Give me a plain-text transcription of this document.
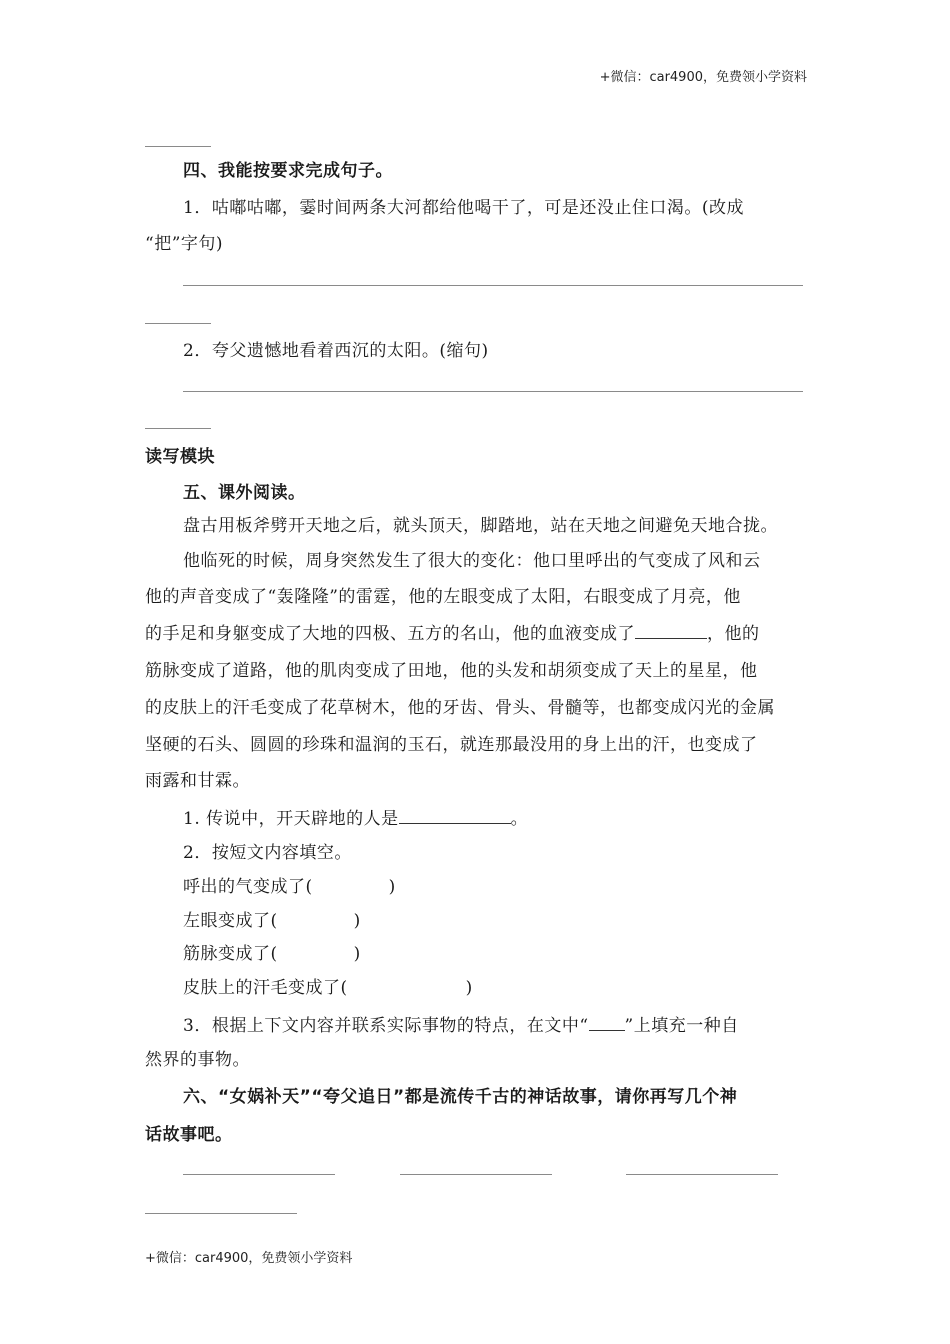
+微信：car4900，免费领小学资料
+微信：car4900，免费领小学资料
四、我能按要求完成句子。
1．咕嘟咕嘟，霎时间两条大河都给他喝干了，可是还没止住口渴。(改成
“把”字句)
2．夸父遗憾地看着西沉的太阳。(缩句)
读写模块
五、课外阅读。
盘古用板斧劈开天地之后，就头顶天，脚踏地，站在天地之间避免天地合拢。
他临死的时候，周身突然发生了很大的变化：他口里呼出的气变成了风和云
他的声音变成了“轰隆隆”的雷霆，他的左眼变成了太阳，右眼变成了月亮，他
的手足和身躯变成了大地的四极、五方的名山，他的血液变成了	，他的
筋脉变成了道路，他的肌肉变成了田地，他的头发和胡须变成了天上的星星，他
的皮肤上的汗毛变成了花草树木，他的牙齿、骨头、骨髓等，也都变成闪光的金属
坚硬的石头、圆圆的珍珠和温润的玉石，就连那最没用的身上出的汗，也变成了
雨露和甘霖。
1. 传说中，开天辟地的人是	。
2．按短文内容填空。
呼出的气变成了(	)
左眼变成了(	)
筋脉变成了(	)
皮肤上的汗毛变成了(	)
3．根据上下文内容并联系实际事物的特点，在文中“ ”上填充一种自
然界的事物。
六、“女娲补天”“夸父追日”都是流传千古的神话故事，请你再写几个神
话故事吧。
